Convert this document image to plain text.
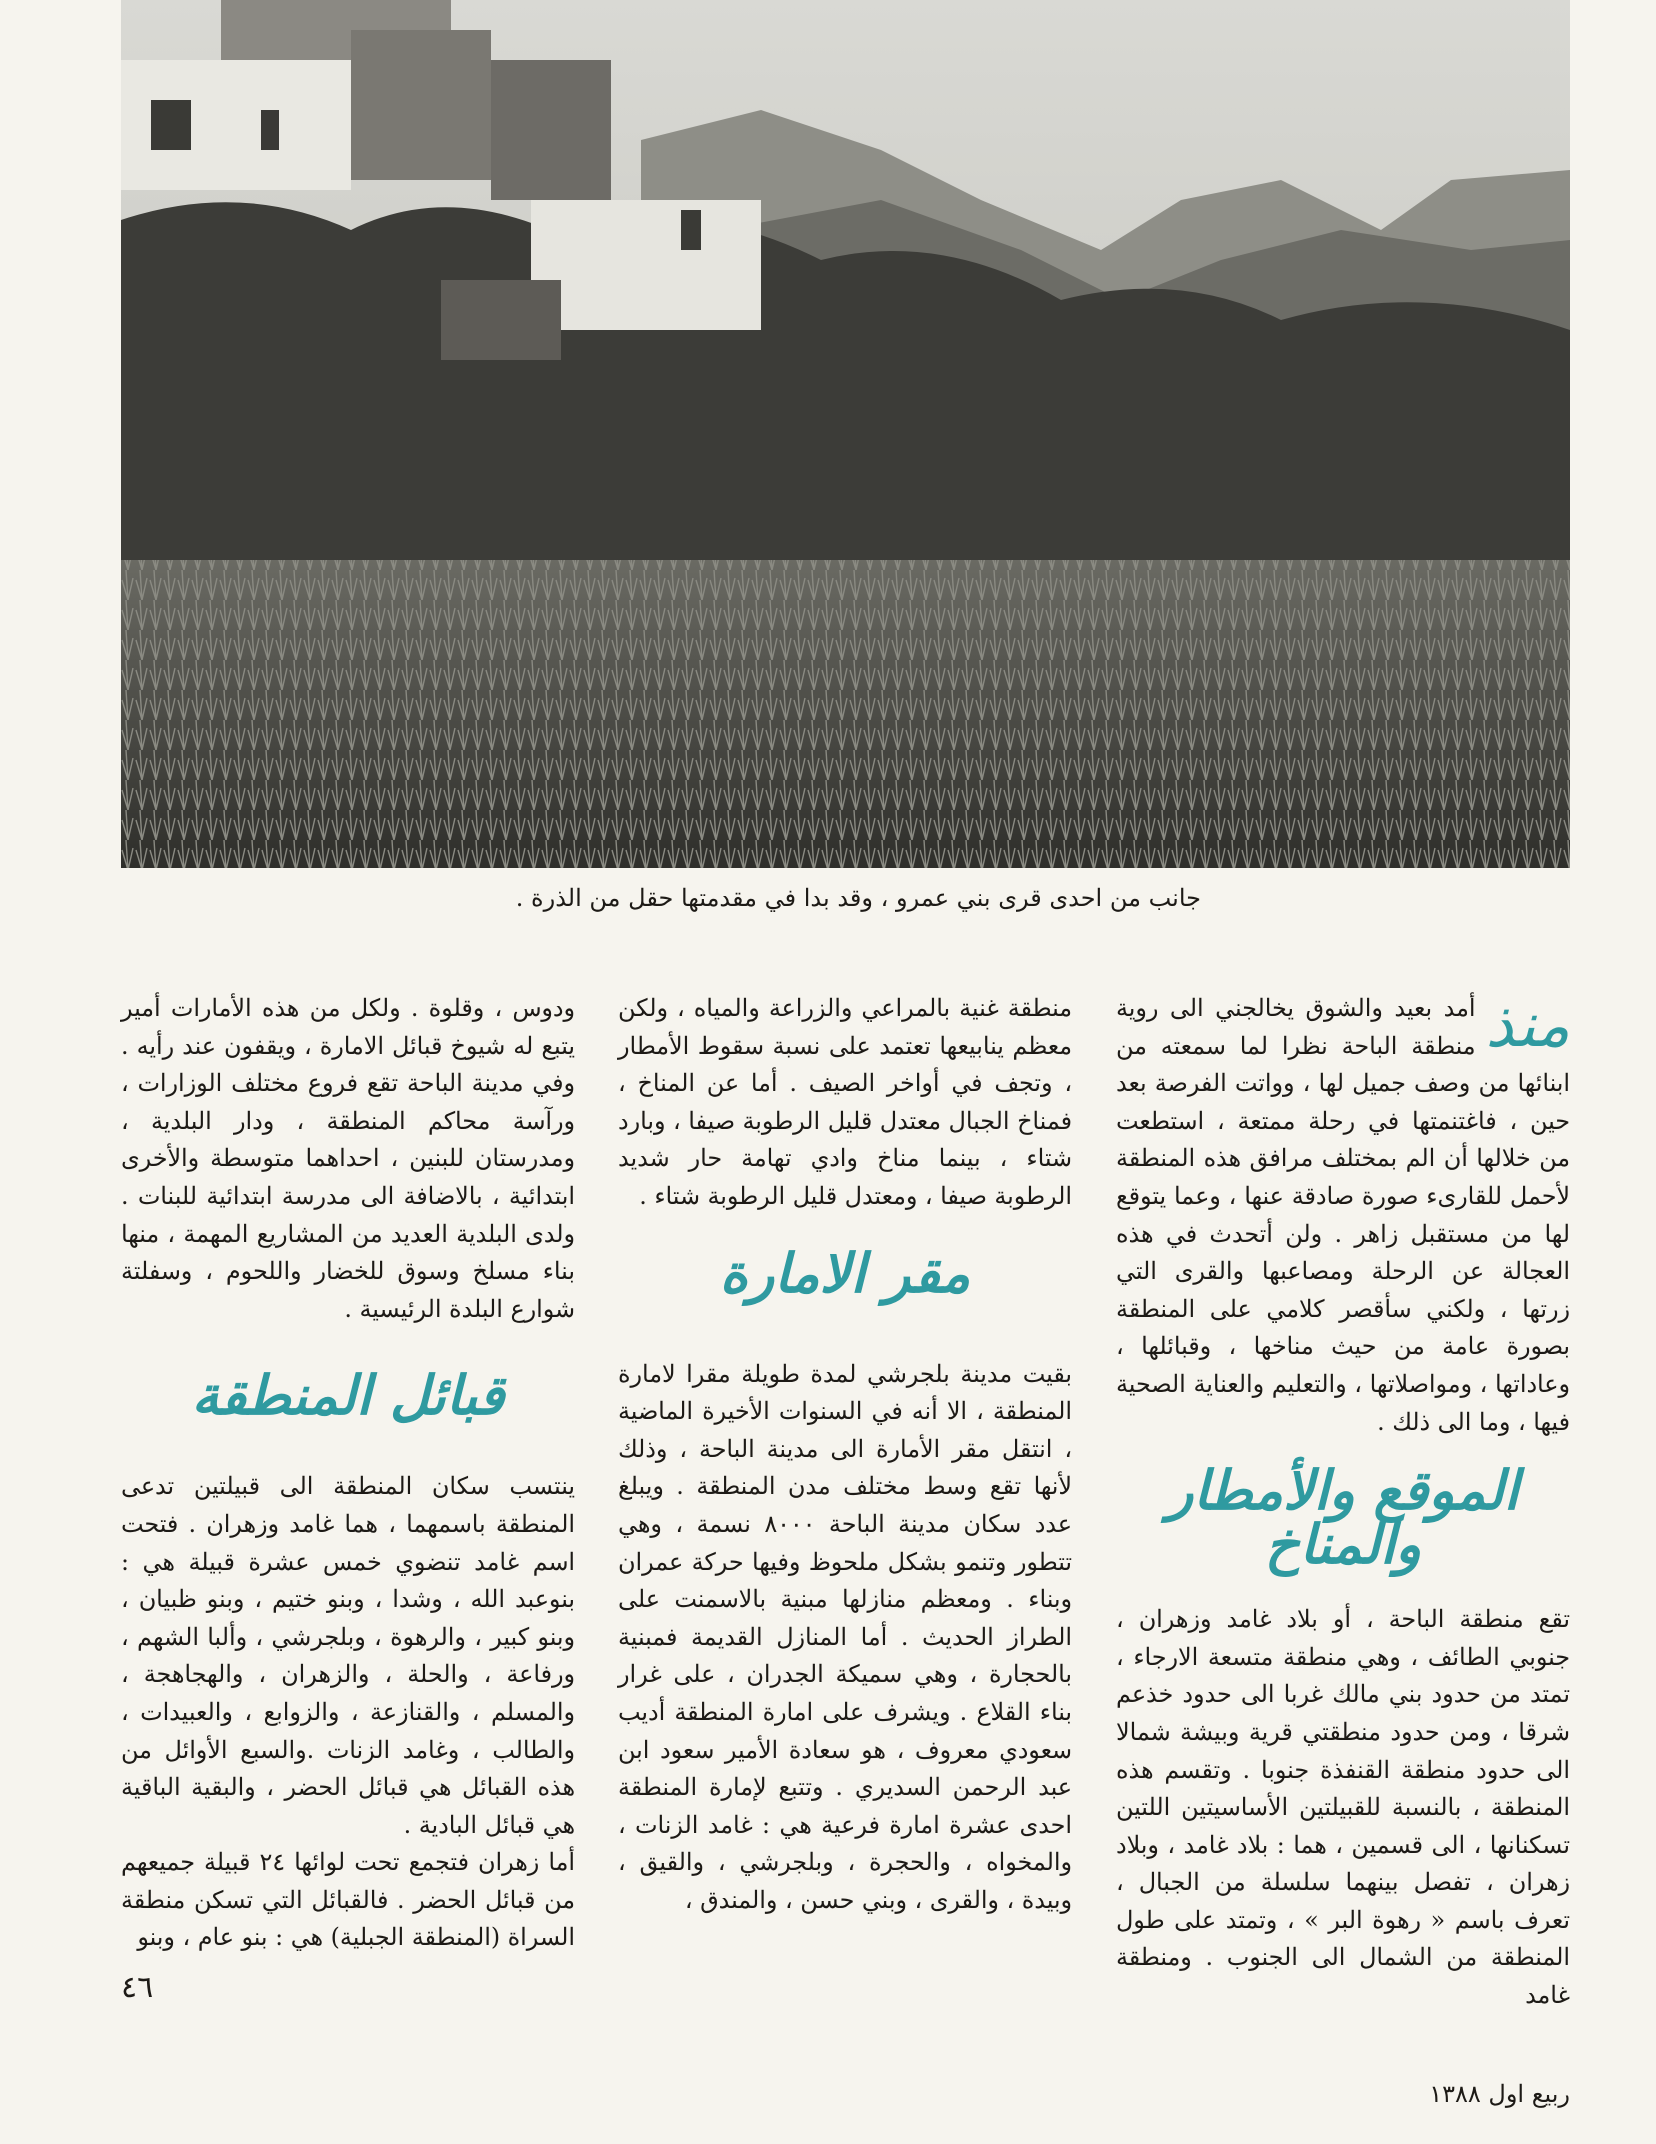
جانب من احدى قرى بني عمرو ، وقد بدا في مقدمتها حقل من الذرة .

منذ
أمد بعيد والشوق يخالجني الى روية منطقة الباحة نظرا لما سمعته من ابنائها من وصف جميل لها ، وواتت الفرصة بعد حين ، فاغتنمتها في رحلة ممتعة ، استطعت من خلالها أن الم بمختلف مرافق هذه المنطقة لأحمل للقارىء صورة صادقة عنها ، وعما يتوقع لها من مستقبل زاهر . ولن أتحدث في هذه العجالة عن الرحلة ومصاعبها والقرى التي زرتها ، ولكني سأقصر كلامي على المنطقة بصورة عامة من حيث مناخها ، وقبائلها ، وعاداتها ، ومواصلاتها ، والتعليم والعناية الصحية فيها ، وما الى ذلك .

الموقع والأمطار والمناخ

تقع منطقة الباحة ، أو بلاد غامد وزهران ، جنوبي الطائف ، وهي منطقة متسعة الارجاء ، تمتد من حدود بني مالك غربا الى حدود خذعم شرقا ، ومن حدود منطقتي قرية وبيشة شمالا الى حدود منطقة القنفذة جنوبا . وتقسم هذه المنطقة ، بالنسبة للقبيلتين الأساسيتين اللتين تسكنانها ، الى قسمين ، هما : بلاد غامد ، وبلاد زهران ، تفصل بينهما سلسلة من الجبال ، تعرف باسم « رهوة البر » ، وتمتد على طول المنطقة من الشمال الى الجنوب . ومنطقة غامد

منطقة غنية بالمراعي والزراعة والمياه ، ولكن معظم ينابيعها تعتمد على نسبة سقوط الأمطار ، وتجف في أواخر الصيف . أما عن المناخ ، فمناخ الجبال معتدل قليل الرطوبة صيفا ، وبارد شتاء ، بينما مناخ وادي تهامة حار شديد الرطوبة صيفا ، ومعتدل قليل الرطوبة شتاء .

مقر الامارة

بقيت مدينة بلجرشي لمدة طويلة مقرا لامارة المنطقة ، الا أنه في السنوات الأخيرة الماضية ، انتقل مقر الأمارة الى مدينة الباحة ، وذلك لأنها تقع وسط مختلف مدن المنطقة . ويبلغ عدد سكان مدينة الباحة ٨٠٠٠ نسمة ، وهي تتطور وتنمو بشكل ملحوظ وفيها حركة عمران وبناء . ومعظم منازلها مبنية بالاسمنت على الطراز الحديث . أما المنازل القديمة فمبنية بالحجارة ، وهي سميكة الجدران ، على غرار بناء القلاع . ويشرف على امارة المنطقة أديب سعودي معروف ، هو سعادة الأمير سعود ابن عبد الرحمن السديري . وتتبع لإمارة المنطقة احدى عشرة امارة فرعية هي : غامد الزنات ، والمخواه ، والحجرة ، وبلجرشي ، والقيق ، وبيدة ، والقرى ، وبني حسن ، والمندق ،

ودوس ، وقلوة . ولكل من هذه الأمارات أمير يتبع له شيوخ قبائل الامارة ، ويقفون عند رأيه . وفي مدينة الباحة تقع فروع مختلف الوزارات ، ورآسة محاكم المنطقة ، ودار البلدية ، ومدرستان للبنين ، احداهما متوسطة والأخرى ابتدائية ، بالاضافة الى مدرسة ابتدائية للبنات . ولدى البلدية العديد من المشاريع المهمة ، منها بناء مسلخ وسوق للخضار واللحوم ، وسفلتة شوارع البلدة الرئيسية .

قبائل المنطقة

ينتسب سكان المنطقة الى قبيلتين تدعى المنطقة باسمهما ، هما غامد وزهران . فتحت اسم غامد تنضوي خمس عشرة قبيلة هي : بنوعبد الله ، وشدا ، وبنو ختيم ، وبنو ظبيان ، وبنو كبير ، والرهوة ، وبلجرشي ، وألبا الشهم ، ورفاعة ، والحلة ، والزهران ، والهجاهجة ، والمسلم ، والقنازعة ، والزوابع ، والعبيدات ، والطالب ، وغامد الزنات .والسبع الأوائل من هذه القبائل هي قبائل الحضر ، والبقية الباقية هي قبائل البادية .

أما زهران فتجمع تحت لوائها ٢٤ قبيلة جميعهم من قبائل الحضر . فالقبائل التي تسكن منطقة السراة (المنطقة الجبلية) هي : بنو عام ، وبنو

٤٦
ربيع اول ١٣٨٨
